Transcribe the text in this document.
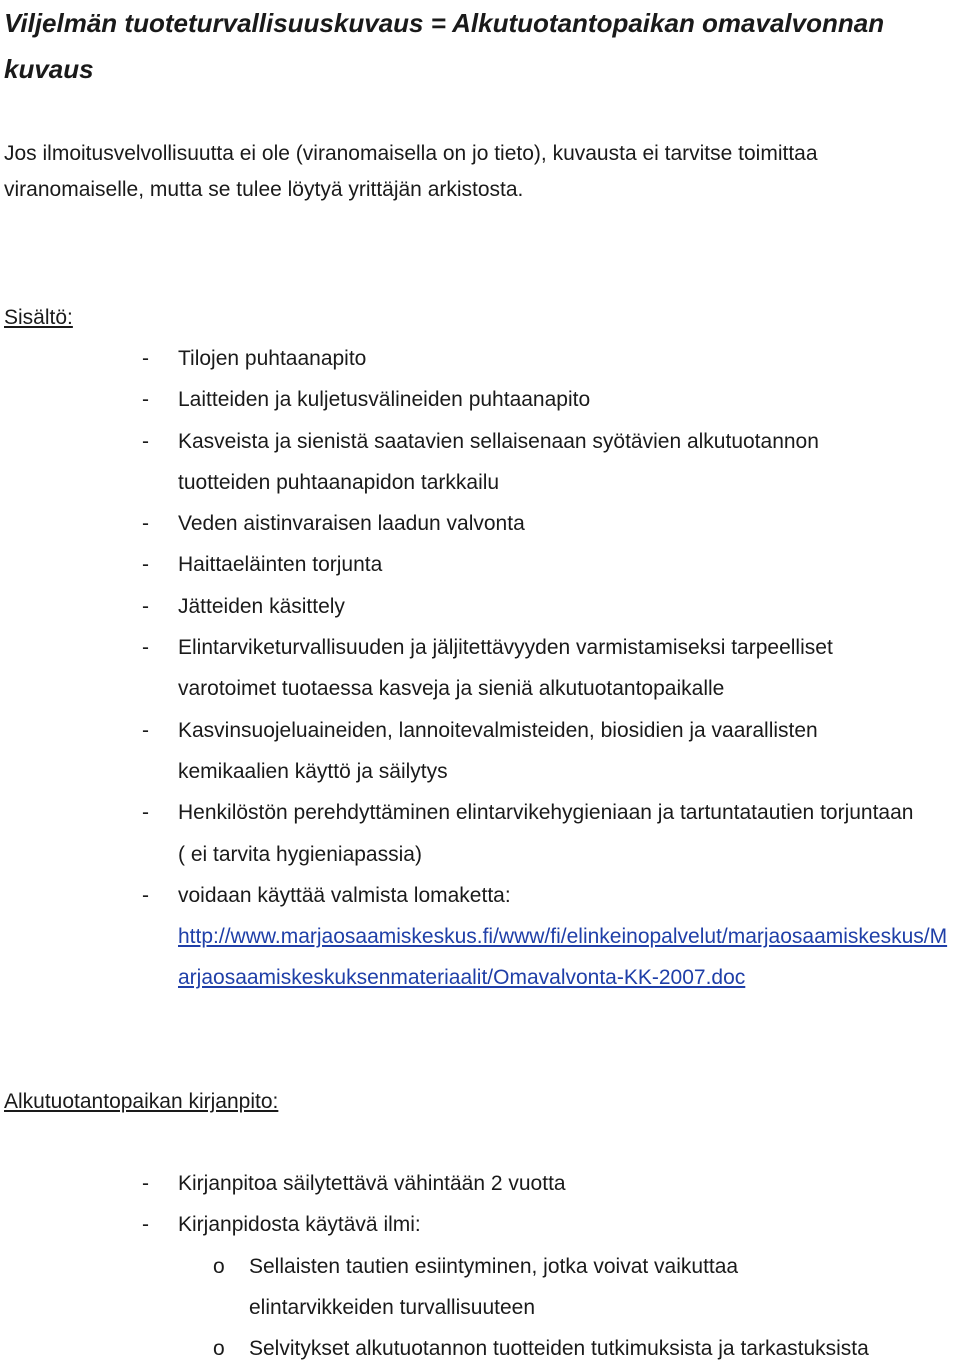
Viljelmän tuoteturvallisuuskuvaus = Alkutuotantopaikan omavalvonnan kuvaus

Jos ilmoitusvelvollisuutta ei ole (viranomaisella on jo tieto), kuvausta ei tarvitse toimittaa viranomaiselle, mutta se tulee löytyä yrittäjän arkistosta.

Sisältö:

- Tilojen puhtaanapito
- Laitteiden ja kuljetusvälineiden puhtaanapito
- Kasveista ja sienistä saatavien sellaisenaan syötävien alkutuotannon tuotteiden puhtaanapidon tarkkailu
- Veden aistinvaraisen laadun valvonta
- Haittaeläinten torjunta
- Jätteiden käsittely
- Elintarviketurvallisuuden ja jäljitettävyyden varmistamiseksi tarpeelliset varotoimet tuotaessa kasveja ja sieniä alkutuotantopaikalle
- Kasvinsuojeluaineiden, lannoitevalmisteiden, biosidien ja vaarallisten kemikaalien käyttö ja säilytys
- Henkilöstön perehdyttäminen elintarvikehygieniaan ja tartuntatautien torjuntaan ( ei tarvita hygieniapassia)
- voidaan käyttää valmista lomaketta:
http://www.marjaosaamiskeskus.fi/www/fi/elinkeinopalvelut/marjaosaamiskeskus/Marjaosaamiskeskuksenmateriaalit/Omavalvonta-KK-2007.doc

Alkutuotantopaikan kirjanpito:

- Kirjanpitoa säilytettävä vähintään 2 vuotta
- Kirjanpidosta käytävä ilmi:
o Sellaisten tautien esiintyminen, jotka voivat vaikuttaa elintarvikkeiden turvallisuuteen
o Selvitykset alkutuotannon tuotteiden tutkimuksista ja tarkastuksista
